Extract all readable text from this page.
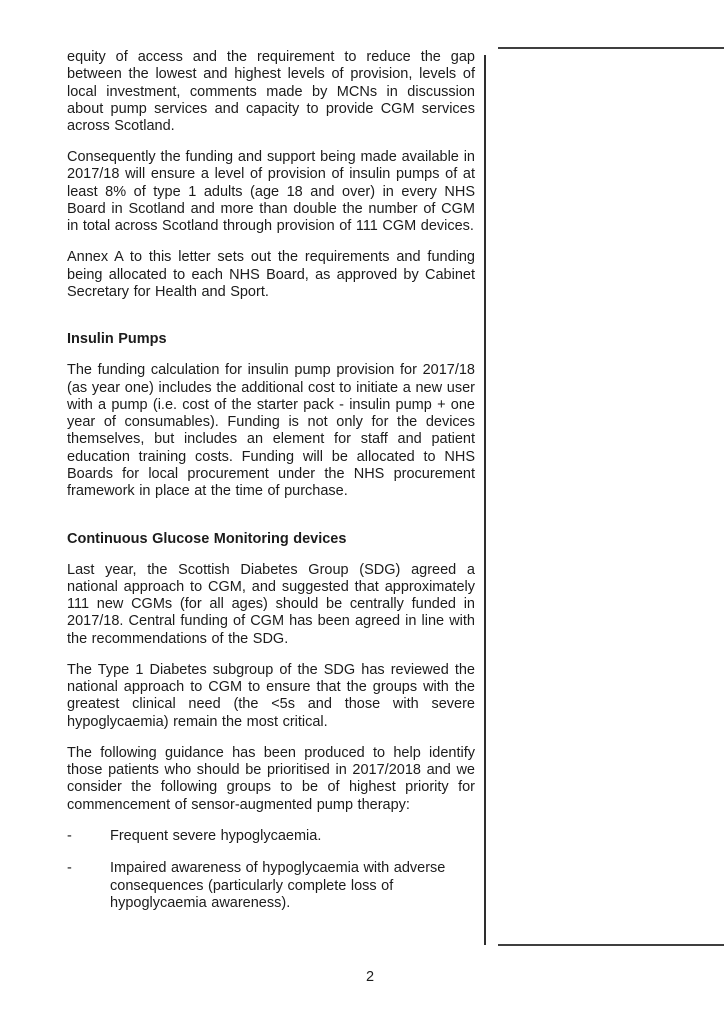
equity of access and the requirement to reduce the gap between the lowest and highest levels of provision, levels of local investment, comments made by MCNs in discussion about pump services and capacity to provide CGM services across Scotland.

Consequently the funding and support being made available in 2017/18 will ensure a level of provision of insulin pumps of at least 8% of type 1 adults (age 18 and over) in every NHS Board in Scotland and more than double the number of CGM in total across Scotland through provision of 111 CGM devices.

Annex A to this letter sets out the requirements and funding being allocated to each NHS Board, as approved by Cabinet Secretary for Health and Sport.

Insulin Pumps

The funding calculation for insulin pump provision for 2017/18 (as year one) includes the additional cost to initiate a new user with a pump (i.e. cost of the starter pack - insulin pump + one year of consumables). Funding is not only for the devices themselves, but includes an element for staff and patient education training costs. Funding will be allocated to NHS Boards for local procurement under the NHS procurement framework in place at the time of purchase.

Continuous Glucose Monitoring devices

Last year, the Scottish Diabetes Group (SDG) agreed a national approach to CGM, and suggested that approximately 111 new CGMs (for all ages) should be centrally funded in 2017/18. Central funding of CGM has been agreed in line with the recommendations of the SDG.

The Type 1 Diabetes subgroup of the SDG has reviewed the national approach to CGM to ensure that the groups with the greatest clinical need (the <5s and those with severe hypoglycaemia) remain the most critical.

The following guidance has been produced to help identify those patients who should be prioritised in 2017/2018 and we consider the following groups to be of highest priority for commencement of sensor-augmented pump therapy:

-	Frequent severe hypoglycaemia.
-	Impaired awareness of hypoglycaemia with adverse consequences (particularly complete loss of hypoglycaemia awareness).
2
